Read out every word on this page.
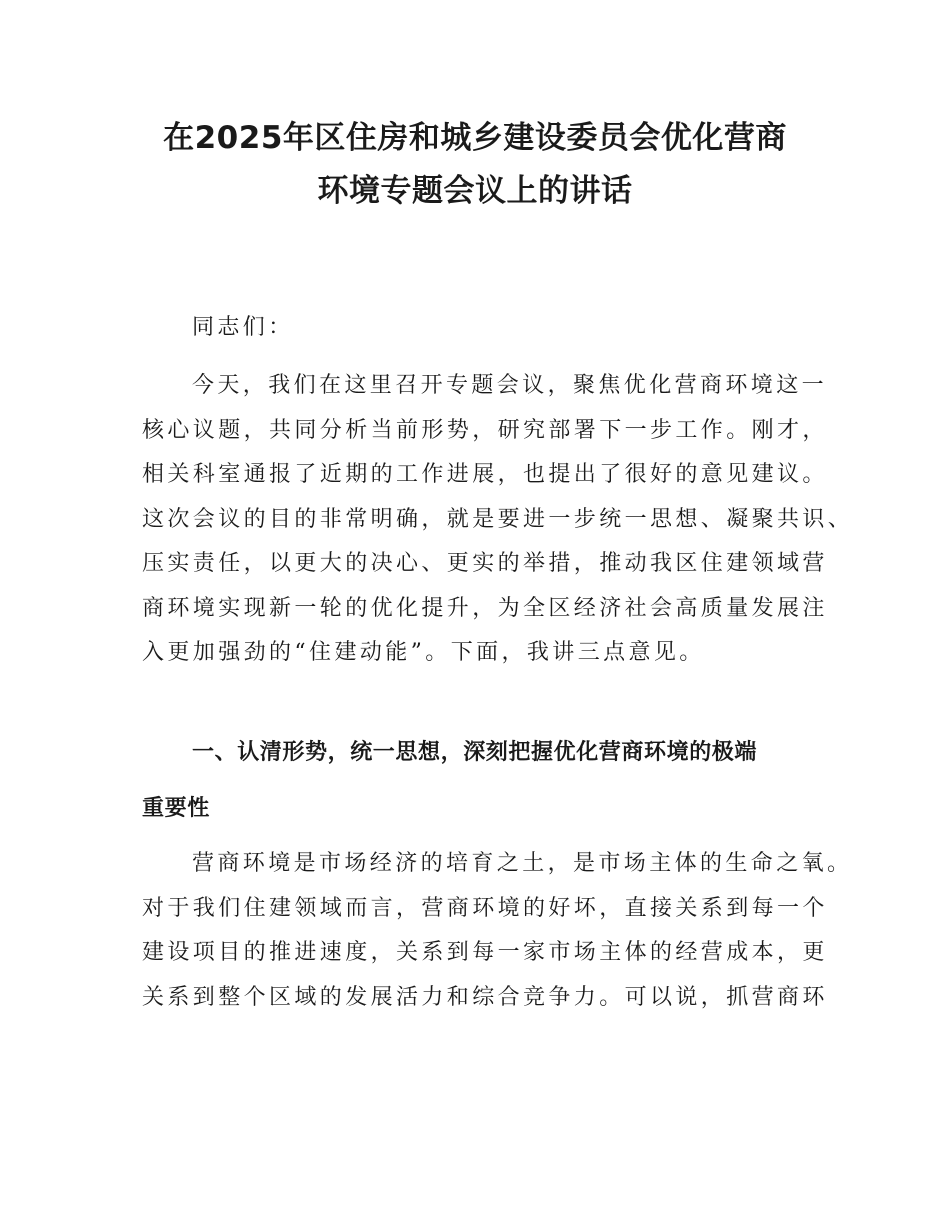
在2025年区住房和城乡建设委员会优化营商
环境专题会议上的讲话

同志们：

今天，我们在这里召开专题会议，聚焦优化营商环境这一
核心议题，共同分析当前形势，研究部署下一步工作。刚才，
相关科室通报了近期的工作进展，也提出了很好的意见建议。
这次会议的目的非常明确，就是要进一步统一思想、凝聚共识、
压实责任，以更大的决心、更实的举措，推动我区住建领域营
商环境实现新一轮的优化提升，为全区经济社会高质量发展注
入更加强劲的“住建动能”。下面，我讲三点意见。

一、认清形势，统一思想，深刻把握优化营商环境的极端
重要性

营商环境是市场经济的培育之土，是市场主体的生命之氧。
对于我们住建领域而言，营商环境的好坏，直接关系到每一个
建设项目的推进速度，关系到每一家市场主体的经营成本，更
关系到整个区域的发展活力和综合竞争力。可以说，抓营商环
